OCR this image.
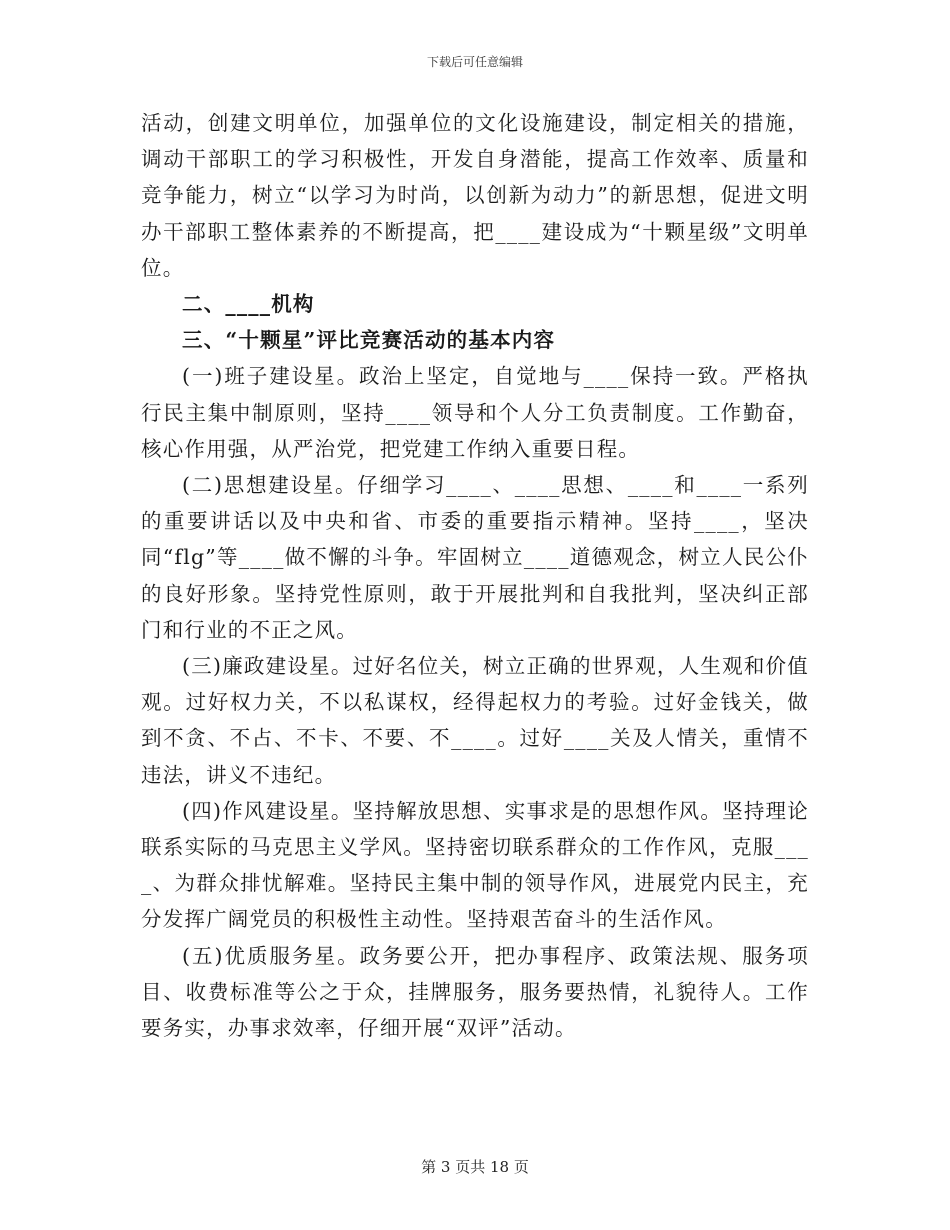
下载后可任意编辑

活动，创建文明单位，加强单位的文化设施建设，制定相关的措施，调动干部职工的学习积极性，开发自身潜能，提高工作效率、质量和竞争能力，树立“以学习为时尚，以创新为动力”的新思想，促进文明办干部职工整体素养的不断提高，把____建设成为“十颗星级”文明单位。

二、____机构

三、“十颗星”评比竞赛活动的基本内容

(一)班子建设星。政治上坚定，自觉地与____保持一致。严格执行民主集中制原则，坚持____领导和个人分工负责制度。工作勤奋，核心作用强，从严治党，把党建工作纳入重要日程。

(二)思想建设星。仔细学习____、____思想、____和____一系列的重要讲话以及中央和省、市委的重要指示精神。坚持____，坚决同“flg”等____做不懈的斗争。牢固树立____道德观念，树立人民公仆的良好形象。坚持党性原则，敢于开展批判和自我批判，坚决纠正部门和行业的不正之风。

(三)廉政建设星。过好名位关，树立正确的世界观，人生观和价值观。过好权力关，不以私谋权，经得起权力的考验。过好金钱关，做到不贪、不占、不卡、不要、不____。过好____关及人情关，重情不违法，讲义不违纪。

(四)作风建设星。坚持解放思想、实事求是的思想作风。坚持理论联系实际的马克思主义学风。坚持密切联系群众的工作作风，克服____、为群众排忧解难。坚持民主集中制的领导作风，进展党内民主，充分发挥广阔党员的积极性主动性。坚持艰苦奋斗的生活作风。

(五)优质服务星。政务要公开，把办事程序、政策法规、服务项目、收费标准等公之于众，挂牌服务，服务要热情，礼貌待人。工作要务实，办事求效率，仔细开展“双评”活动。

第 3 页共 18 页
